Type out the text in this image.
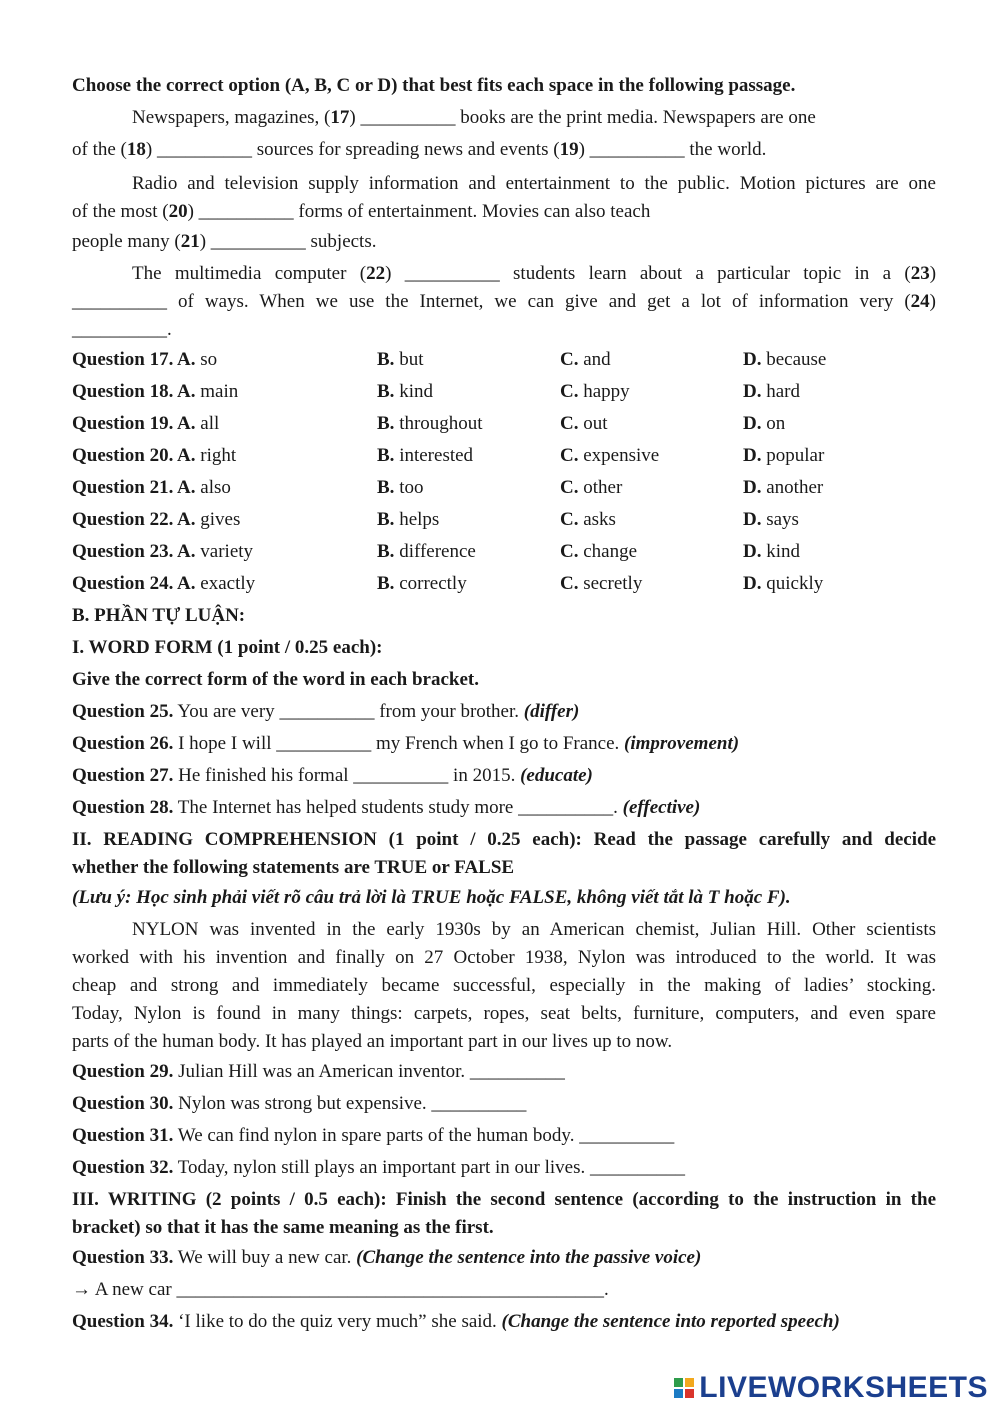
Choose the correct option (A, B, C or D) that best fits each space in the following passage.
Newspapers, magazines, (17) __________ books are the print media. Newspapers are one
of the (18) __________ sources for spreading news and events (19) __________ the world.
Radio and television supply information and entertainment to the public. Motion pictures are one
of the most (20) __________ forms of entertainment. Movies can also teach
people many (21) __________ subjects.
The multimedia computer (22) __________ students learn about a particular topic in a (23)
__________ of ways. When we use the Internet, we can give and get a lot of information very (24)
__________.
Question 17. A. so	B. but	C. and	D. because
Question 18. A. main	B. kind	C. happy	D. hard
Question 19. A. all	B. throughout	C. out	D. on
Question 20. A. right	B. interested	C. expensive	D. popular
Question 21. A. also	B. too	C. other	D. another
Question 22. A. gives	B. helps	C. asks	D. says
Question 23. A. variety	B. difference	C. change	D. kind
Question 24. A. exactly	B. correctly	C. secretly	D. quickly
B. PHẦN TỰ LUẬN:
I. WORD FORM (1 point / 0.25 each):
Give the correct form of the word in each bracket.
Question 25. You are very __________ from your brother. (differ)
Question 26. I hope I will __________ my French when I go to France. (improvement)
Question 27. He finished his formal __________ in 2015. (educate)
Question 28. The Internet has helped students study more __________. (effective)
II. READING COMPREHENSION (1 point / 0.25 each): Read the passage carefully and decide
whether the following statements are TRUE or FALSE
(Lưu ý: Học sinh phải viết rõ câu trả lời là TRUE hoặc FALSE, không viết tắt là T hoặc F).
NYLON was invented in the early 1930s by an American chemist, Julian Hill. Other scientists
worked with his invention and finally on 27 October 1938, Nylon was introduced to the world. It was
cheap and strong and immediately became successful, especially in the making of ladies’ stocking.
Today, Nylon is found in many things: carpets, ropes, seat belts, furniture, computers, and even spare
parts of the human body. It has played an important part in our lives up to now.
Question 29. Julian Hill was an American inventor. __________
Question 30. Nylon was strong but expensive. __________
Question 31. We can find nylon in spare parts of the human body. __________
Question 32. Today, nylon still plays an important part in our lives. __________
III. WRITING (2 points / 0.5 each): Finish the second sentence (according to the instruction in the
bracket) so that it has the same meaning as the first.
Question 33. We will buy a new car. (Change the sentence into the passive voice)
→ A new car _____________________________________________.
Question 34. ‘I like to do the quiz very much” she said. (Change the sentence into reported speech)
LIVEWORKSHEETS
